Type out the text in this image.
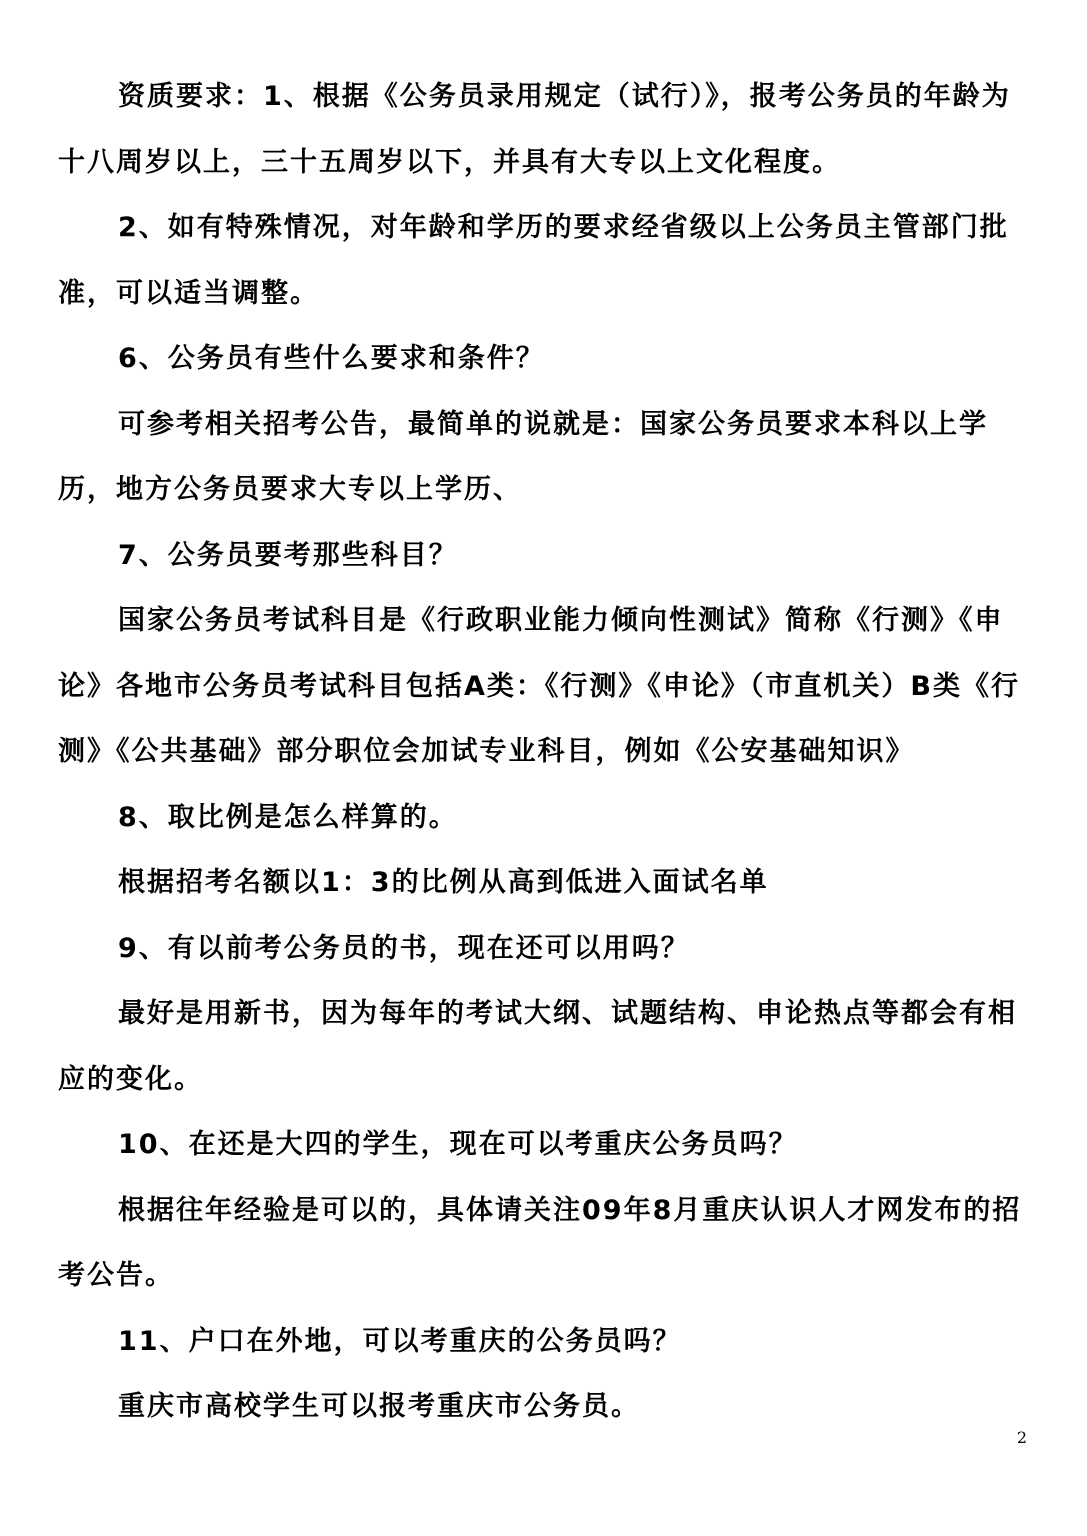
资质要求：1、根据《公务员录用规定（试行）》，报考公务员的年龄为十八周岁以上，三十五周岁以下，并具有大专以上文化程度。

2、如有特殊情况，对年龄和学历的要求经省级以上公务员主管部门批准，可以适当调整。

6、公务员有些什么要求和条件？

可参考相关招考公告，最简单的说就是：国家公务员要求本科以上学历，地方公务员要求大专以上学历、

7、公务员要考那些科目？

国家公务员考试科目是《行政职业能力倾向性测试》简称《行测》《申论》各地市公务员考试科目包括A类：《行测》《申论》（市直机关）B类《行测》《公共基础》部分职位会加试专业科目，例如《公安基础知识》

8、取比例是怎么样算的。

根据招考名额以1：3的比例从高到低进入面试名单

9、有以前考公务员的书，现在还可以用吗？

最好是用新书，因为每年的考试大纲、试题结构、申论热点等都会有相应的变化。

10、在还是大四的学生，现在可以考重庆公务员吗？

根据往年经验是可以的，具体请关注09年8月重庆认识人才网发布的招考公告。

11、户口在外地，可以考重庆的公务员吗？

重庆市高校学生可以报考重庆市公务员。

2
